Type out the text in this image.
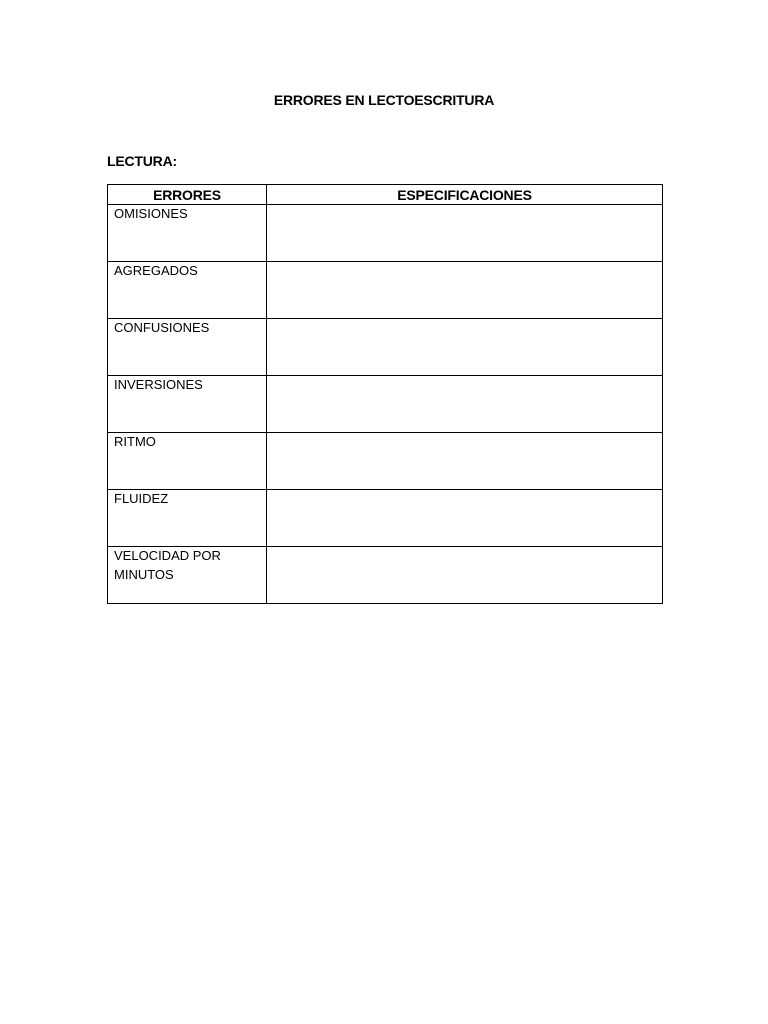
ERRORES EN LECTOESCRITURA
LECTURA:
ERRORES	ESPECIFICACIONES

OMISIONES	

AGREGADOS	

CONFUSIONES	

INVERSIONES	

RITMO	

FLUIDEZ	

VELOCIDAD POR MINUTOS	
